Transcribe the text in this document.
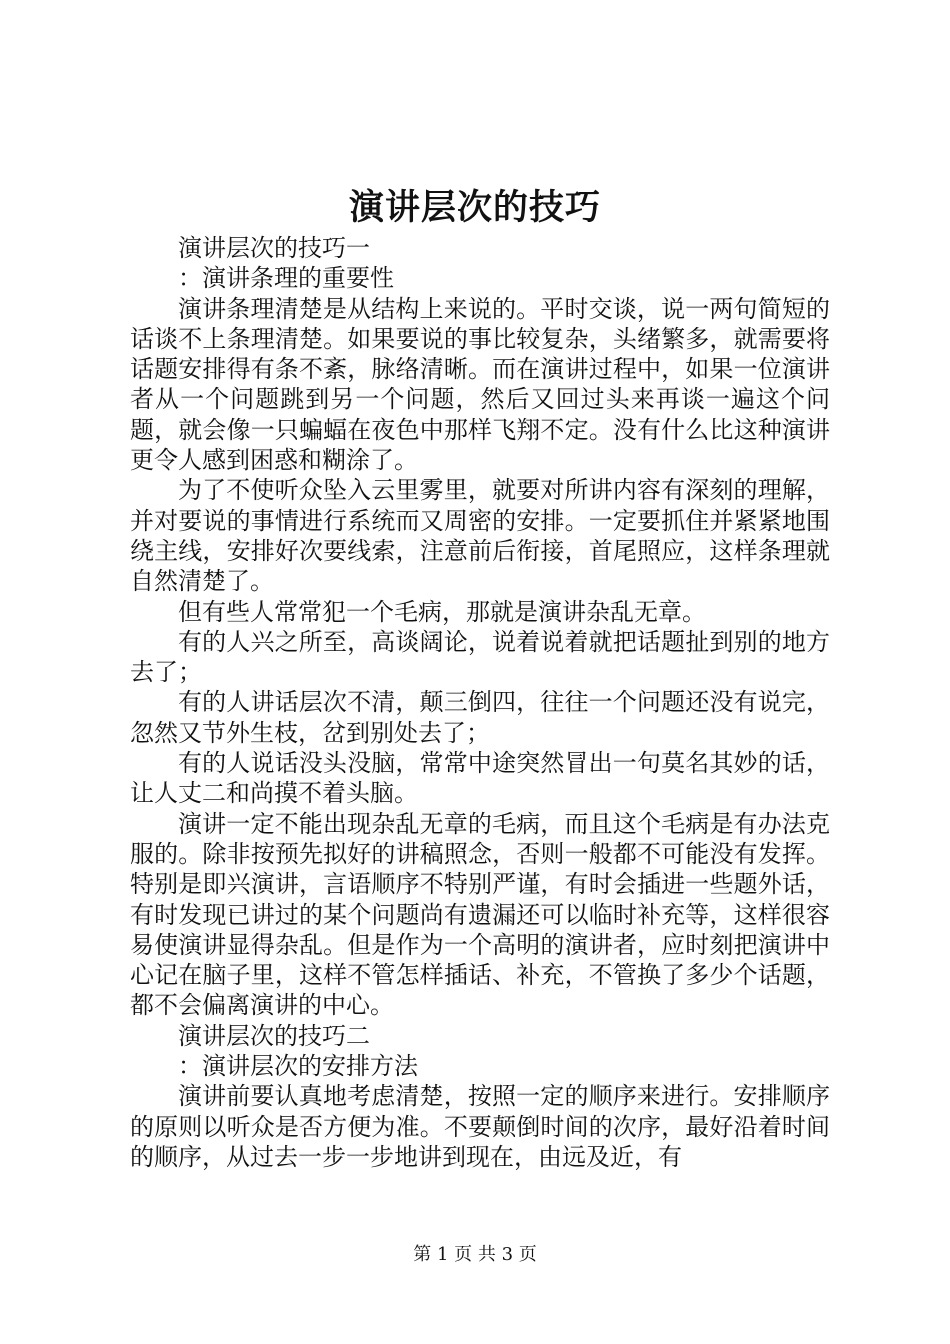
演讲层次的技巧

演讲层次的技巧一

：演讲条理的重要性

演讲条理清楚是从结构上来说的。平时交谈，说一两句简短的话谈不上条理清楚。如果要说的事比较复杂，头绪繁多，就需要将话题安排得有条不紊，脉络清晰。而在演讲过程中，如果一位演讲者从一个问题跳到另一个问题，然后又回过头来再谈一遍这个问题，就会像一只蝙蝠在夜色中那样飞翔不定。没有什么比这种演讲更令人感到困惑和糊涂了。

为了不使听众坠入云里雾里，就要对所讲内容有深刻的理解，并对要说的事情进行系统而又周密的安排。一定要抓住并紧紧地围绕主线，安排好次要线索，注意前后衔接，首尾照应，这样条理就自然清楚了。

但有些人常常犯一个毛病，那就是演讲杂乱无章。

有的人兴之所至，高谈阔论，说着说着就把话题扯到别的地方去了；

有的人讲话层次不清，颠三倒四，往往一个问题还没有说完，忽然又节外生枝，岔到别处去了；

有的人说话没头没脑，常常中途突然冒出一句莫名其妙的话，让人丈二和尚摸不着头脑。

演讲一定不能出现杂乱无章的毛病，而且这个毛病是有办法克服的。除非按预先拟好的讲稿照念，否则一般都不可能没有发挥。特别是即兴演讲，言语顺序不特别严谨，有时会插进一些题外话，有时发现已讲过的某个问题尚有遗漏还可以临时补充等，这样很容易使演讲显得杂乱。但是作为一个高明的演讲者，应时刻把演讲中心记在脑子里，这样不管怎样插话、补充，不管换了多少个话题，都不会偏离演讲的中心。

演讲层次的技巧二

：演讲层次的安排方法

演讲前要认真地考虑清楚，按照一定的顺序来进行。安排顺序的原则以听众是否方便为准。不要颠倒时间的次序，最好沿着时间的顺序，从过去一步一步地讲到现在，由远及近，有

第 1 页 共 3 页
